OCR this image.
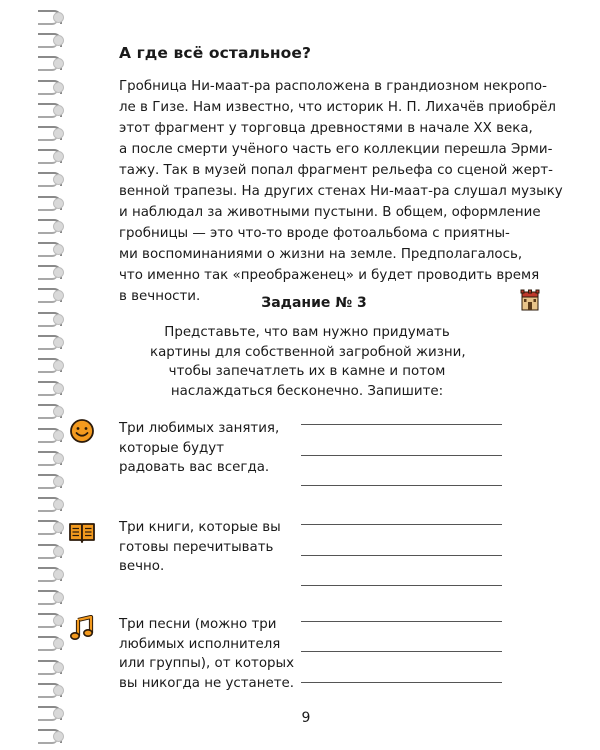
А где всё остальное?
Гробница Ни-маат-ра расположена в грандиозном некропо-
ле в Гизе. Нам известно, что историк Н. П. Лихачёв приобрёл
этот фрагмент у торговца древностями в начале XX века,
а после смерти учёного часть его коллекции перешла Эрми-
тажу. Так в музей попал фрагмент рельефа со сценой жерт-
венной трапезы. На других стенах Ни-маат-ра слушал музыку
и наблюдал за животными пустыни. В общем, оформление
гробницы — это что-то вроде фотоальбома с приятны-
ми воспоминаниями о жизни на земле. Предполагалось,
что именно так «преображенец» и будет проводить время
в вечности.	Задание № 3
Представьте, что вам нужно придумать
картины для собственной загробной жизни,
чтобы запечатлеть их в камне и потом
наслаждаться бесконечно. Запишите:
Три любимых занятия,
которые будут
радовать вас всегда.
Три книги, которые вы
готовы перечитывать
вечно.
Три песни (можно три
любимых исполнителя
или группы), от которых
вы никогда не устанете.
9
